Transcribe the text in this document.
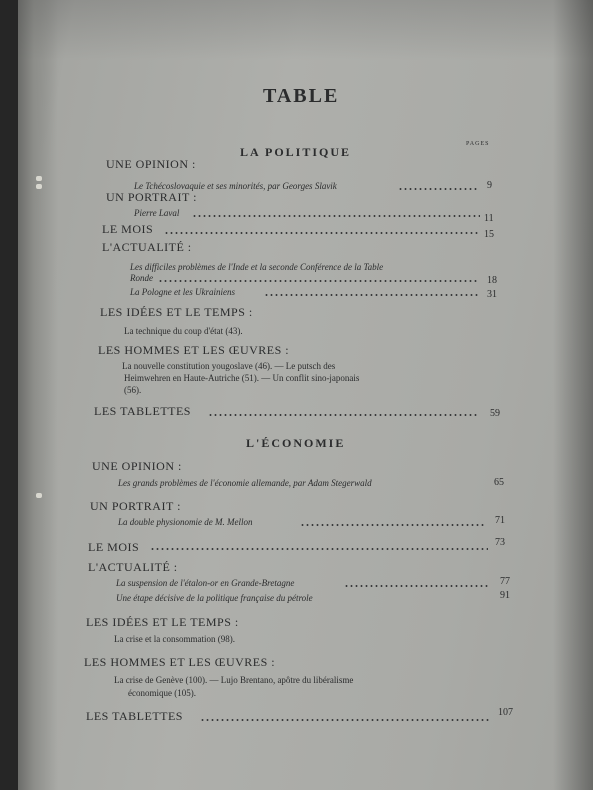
TABLE
LA POLITIQUE
PAGES
UNE OPINION :
Le Tchécoslovaquie et ses minorités, par Georges Slavik	9
UN PORTRAIT :
Pierre Laval	11
LE MOIS	15
L'ACTUALITÉ :
Les difficiles problèmes de l'Inde et la seconde Conférence de la Table
Ronde	18
La Pologne et les Ukrainiens	31
LES IDÉES ET LE TEMPS :
La technique du coup d'état (43).
LES HOMMES ET LES ŒUVRES :
La nouvelle constitution yougoslave (46). — Le putsch des
Heimwehren en Haute-Autriche (51). — Un conflit sino-japonais
(56).
LES TABLETTES	59
L'ÉCONOMIE
UNE OPINION :
Les grands problèmes de l'économie allemande, par Adam Stegerwald	65
UN PORTRAIT :
La double physionomie de M. Mellon	71
LE MOIS	73
L'ACTUALITÉ :
La suspension de l'étalon-or en Grande-Bretagne	77
Une étape décisive de la politique française du pétrole	91
LES IDÉES ET LE TEMPS :
La crise et la consommation (98).
LES HOMMES ET LES ŒUVRES :
La crise de Genève (100). — Lujo Brentano, apôtre du libéralisme
économique (105).
LES TABLETTES	107
